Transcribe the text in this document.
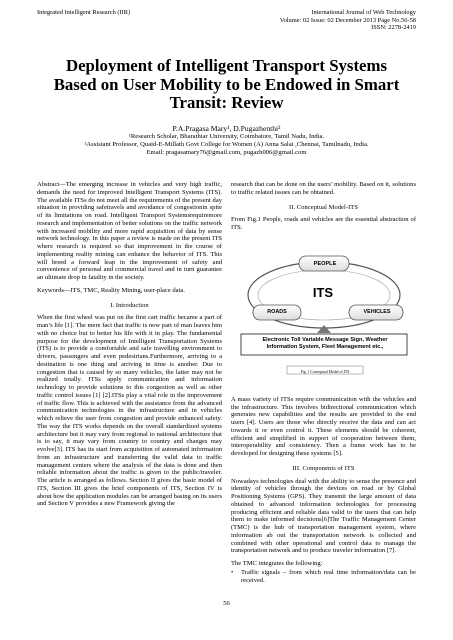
Integrated Intelligent Research (IIR)	International Journal of Web Technology
Volume: 02 Issue: 02 December 2013 Page No.56-58
ISSN: 2278-2419
Deployment of Intelligent Transport Systems
Based on User Mobility to be Endowed in Smart
Transit: Review
P.A.Pragasa Mary¹, D.Pugazhenthi²
¹Research Scholar, Bharathiar University, Coimbatore, Tamil Nadu, India.
²Assistant Professor, Quaid-E-Millath Govt College for Women (A) Anna Salai ,Chennai, Tamilnadu, India.
Email: pragasamary76@gmail.com, pugazh006@gmail.com

Abstract—The emerging increase in vehicles and very high traffic, demands the need for improved Intelligent Transport Systems (ITS). The available ITSs do not meet all the requirements of the present day situation in providing safetravels and avoidance of congestionin spite of its limitations on road. Intelligent Transport Systemsrequiremore research and implementation of better solutions on the traffic network with increased mobility and more rapid acquisition of data by sense network technology. In this paper a review is made on the present ITS where research is required so that improvement in the course of implementing reality mining can enhance the behavior of ITS. This will breed a forward leap in the improvement of safety and convenience of personal and commercial travel and in turn guarantee an ultimate drop in fatality in the society.

Keywords—ITS, TMC, Reality Mining, user-place data.

I. Introduction

When the first wheel was put on the first cart traffic became a part of man’s life [1]. The mere fact that traffic is now part of man leaves him with no choice but to better his life with it in play. The fundamental purpose for the development of Intelligent Transportation Systems (ITS) is to provide a comfortable and safe travelling environment to drivers, passengers and even pedestrians.Furthermore, arriving to a destination is one thing and arriving in time is another. Due to congestion that is caused by so many vehicles, the latter may not be realized totally. ITSs apply communication and information technology to provide solutions to this congestion as well as other traffic control issues [1] [2].ITSs play a vital role in the improvement of traffic flow. This is achieved with the assistance from the advanced communication technologies in the infrastructure and in vehicles which relieve the user from congestion and provide enhanced safety. The way the ITS works depends on the overall standardized systems architecture but it may vary from regional to national architecture that is to say, it may vary from country to country and changes may evolve[3]. ITS has its start from acquisition of automated information from an infrastructure and transferring the valid data to traffic management centers where the analysis of the data is done and then reliable information about the traffic is given to the public/traveler. The article is arranged as follows. Section II gives the basic model of ITS, Section III gives the brief components of ITS, Section IV is about how the application modules can be arranged basing on its users and Section V provides a new Framework giving the

research that can be done on the users’ mobility. Based on it, solutions to traffic related issues can be obtained.

II. Conceptual Model-ITS

From Fig.1 People, roads and vehicles are the essential abstraction of ITS.

PEOPLE
ITS
ROADS	VEHICLES
Electronic Toll Variable Message Sign, Weather
Information System, Fleet Management etc.,
Fig. 1 Conceptual Model of ITS

A mass variety of ITSs require communication with the vehicles and the infrastructure. This involves bidirectional communication which generates new capabilities and the results are provided to the end users [4]. Users are those who directly receive the data and can act towards it or even control it. These elements should be coherent, efficient and simplified in support of cooperation between them, interoperability and consistency. Then a frame work has to be developed for designing these systems [5].

III. Components of ITS

Nowadays technologies deal with the ability to sense the presence and identity of vehicles through the devices on road or by Global Positioning Systems (GPS). They transmit the large amount of data obtained to advanced information technologies for processing producing efficient and reliable data valid to the users that can help them to make informed decisions[6]The Traffic Management Center (TMC) is the hub of transportation management system, where information ab out the transportation network is collected and combined with other operational and control data to manage the transportation network and to produce traveler information [7].

The TMC integrates the following:

•	Traffic signals – from which real time information/data can be received.
56
